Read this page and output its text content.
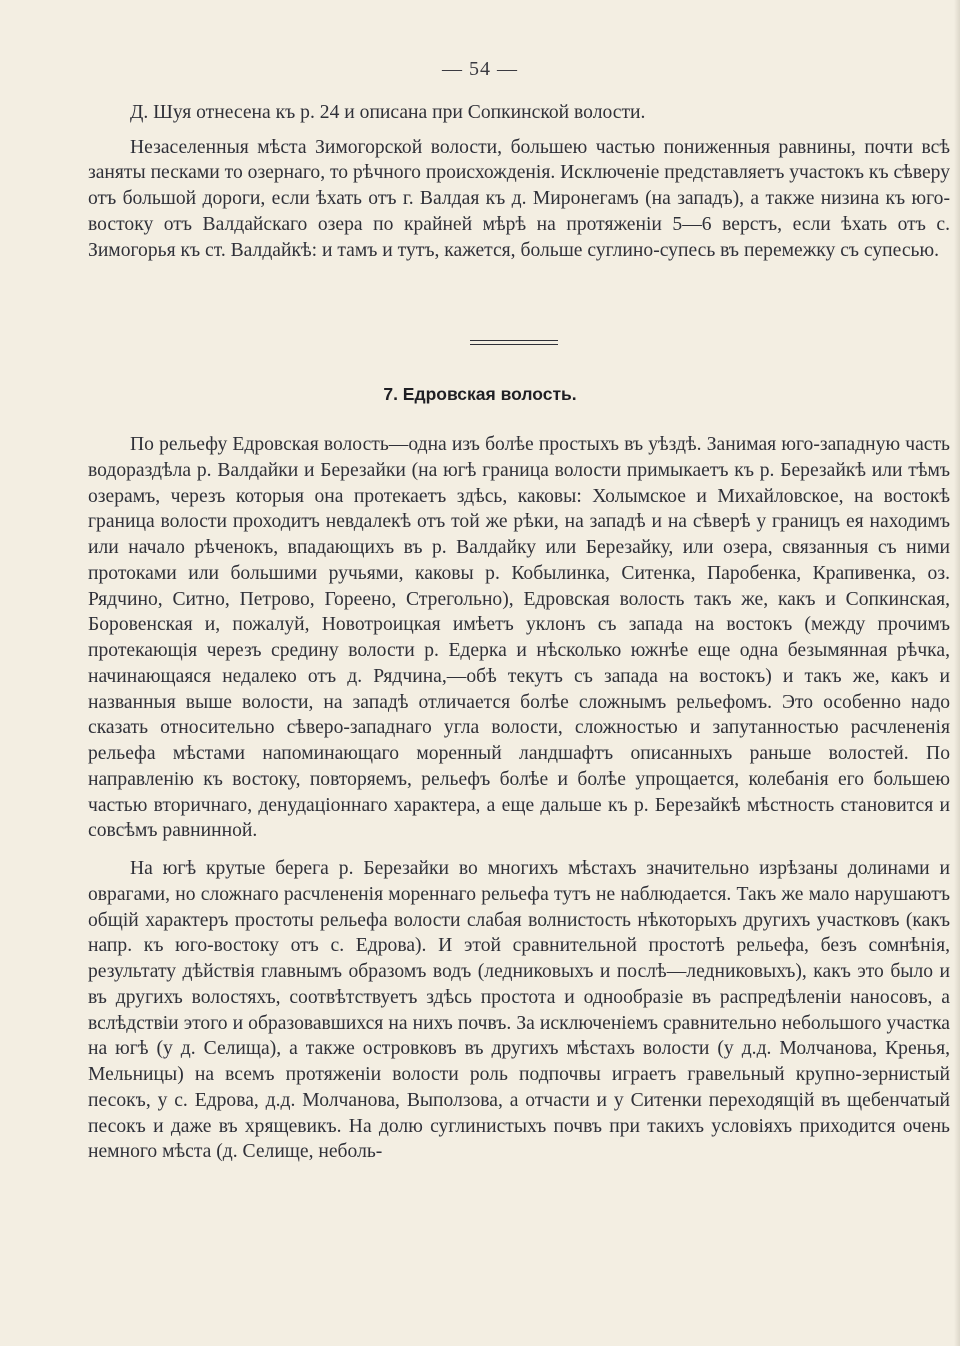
— 54 —

Д. Шуя отнесена къ р. 24 и описана при Сопкинской волости.

Незаселенныя мѣста Зимогорской волости, большею частью пониженныя равнины, почти всѣ заняты песками то озернаго, то рѣчного происхожденія. Исключеніе представляетъ участокъ къ сѣверу отъ большой дороги, если ѣхать отъ г. Валдая къ д. Миронегамъ (на западъ), а также низина къ юго-востоку отъ Валдайскаго озера по крайней мѣрѣ на протяженіи 5—6 верстъ, если ѣхать отъ с. Зимогорья къ ст. Валдайкѣ: и тамъ и тутъ, кажется, больше суглино-супесь въ перемежку съ супесью.

7. Едровская волость.

По рельефу Едровская волость—одна изъ болѣе простыхъ въ уѣздѣ. Занимая юго-западную часть водораздѣла р. Валдайки и Березайки (на югѣ граница волости примыкаетъ къ р. Березайкѣ или тѣмъ озерамъ, черезъ которыя она протекаетъ здѣсь, каковы: Холымское и Михайловское, на востокѣ граница волости проходитъ невдалекѣ отъ той же рѣки, на западѣ и на сѣверѣ у границъ ея находимъ или начало рѣченокъ, впадающихъ въ р. Валдайку или Березайку, или озера, связанныя съ ними протоками или большими ручьями, каковы р. Кобылинка, Ситенка, Паробенка, Крапивенка, оз. Рядчино, Ситно, Петрово, Гореено, Стрегольно), Едровская волость такъ же, какъ и Сопкинская, Боровенская и, пожалуй, Новотроицкая имѣетъ уклонъ съ запада на востокъ (между прочимъ протекающія черезъ средину волости р. Едерка и нѣсколько южнѣе еще одна безымянная рѣчка, начинающаяся недалеко отъ д. Рядчина,—обѣ текутъ съ запада на востокъ) и такъ же, какъ и названныя выше волости, на западѣ отличается болѣе сложнымъ рельефомъ. Это особенно надо сказать относительно сѣверо-западнаго угла волости, сложностью и запутанностью расчлененія рельефа мѣстами напоминающаго моренный ландшафтъ описанныхъ раньше волостей. По направленію къ востоку, повторяемъ, рельефъ болѣе и болѣе упрощается, колебанія его большею частью вторичнаго, денудаціоннаго характера, а еще дальше къ р. Березайкѣ мѣстность становится и совсѣмъ равнинной.

На югѣ крутые берега р. Березайки во многихъ мѣстахъ значительно изрѣзаны долинами и оврагами, но сложнаго расчлененія мореннаго рельефа тутъ не наблюдается. Такъ же мало нарушаютъ общій характеръ простоты рельефа волости слабая волнистость нѣкоторыхъ другихъ участковъ (какъ напр. къ юго-востоку отъ с. Едрова). И этой сравнительной простотѣ рельефа, безъ сомнѣнія, результату дѣйствія главнымъ образомъ водъ (ледниковыхъ и послѣ—ледниковыхъ), какъ это было и въ другихъ волостяхъ, соотвѣтствуетъ здѣсь простота и однообразіе въ распредѣленіи наносовъ, а вслѣдствіи этого и образовавшихся на нихъ почвъ. За исключеніемъ сравнительно небольшого участка на югѣ (у д. Селища), а также островковъ въ другихъ мѣстахъ волости (у д.д. Молчанова, Кренья, Мельницы) на всемъ протяженіи волости роль подпочвы играетъ гравельный крупно-зернистый песокъ, у с. Едрова, д.д. Молчанова, Выползова, а отчасти и у Ситенки переходящій въ щебенчатый песокъ и даже въ хрящевикъ. На долю суглинистыхъ почвъ при такихъ условіяхъ приходится очень немного мѣста (д. Селище, неболь-
